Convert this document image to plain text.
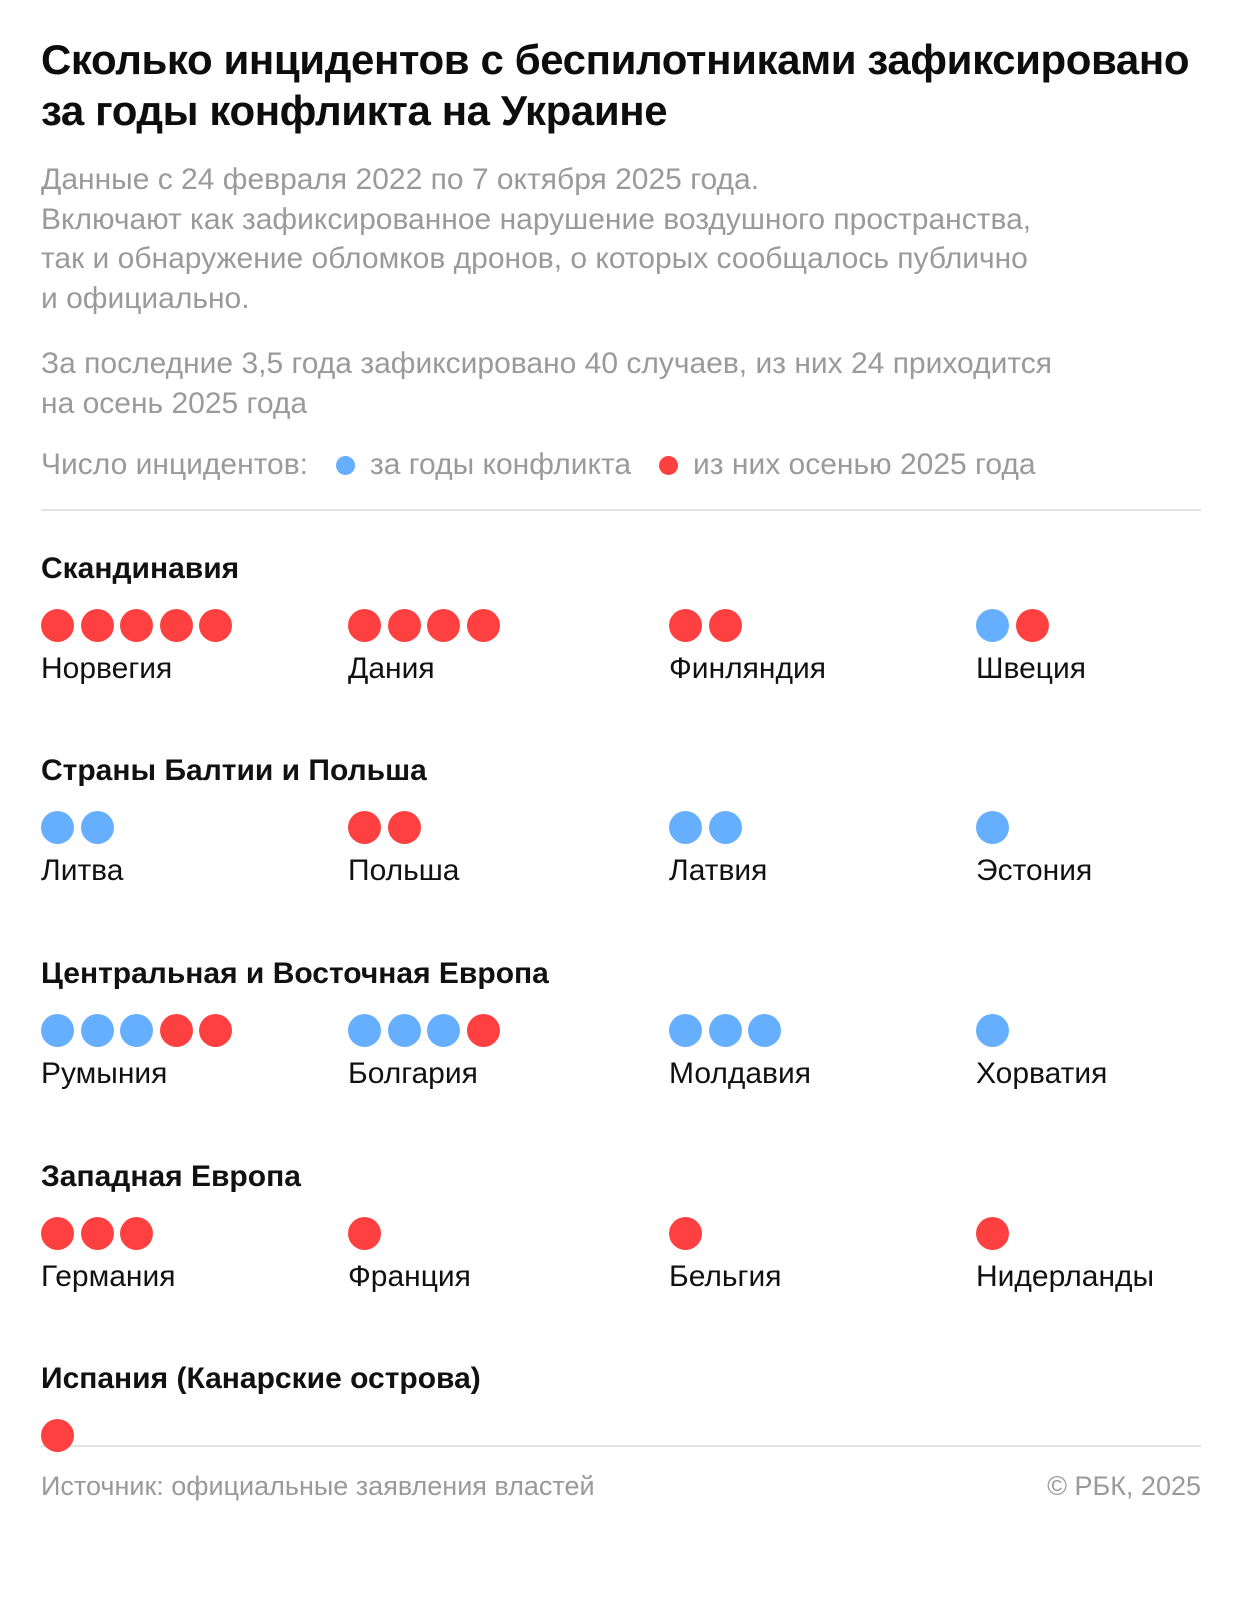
Сколько инцидентов с беспилотниками зафиксировано за годы конфликта на Украине

Данные с 24 февраля 2022 по 7 октября 2025 года.

Включают как зафиксированное нарушение воздушного пространства,

так и обнаружение обломков дронов, о которых сообщалось публично

и официально.

За последние 3,5 года зафиксировано 40 случаев, из них 24 приходится

на осень 2025 года

Число инцидентов: за годы конфликта из них осенью 2025 года
Скандинавия
Норвегия	Дания	Финляндия	Швеция
Страны Балтии и Польша
Литва	Польша	Латвия	Эстония
Центральная и Восточная Европа
Румыния	Болгария	Молдавия	Хорватия
Западная Европа
Германия	Франция	Бельгия	Нидерланды
Испания (Канарские острова)
Источник: официальные заявления властей	© РБК, 2025
